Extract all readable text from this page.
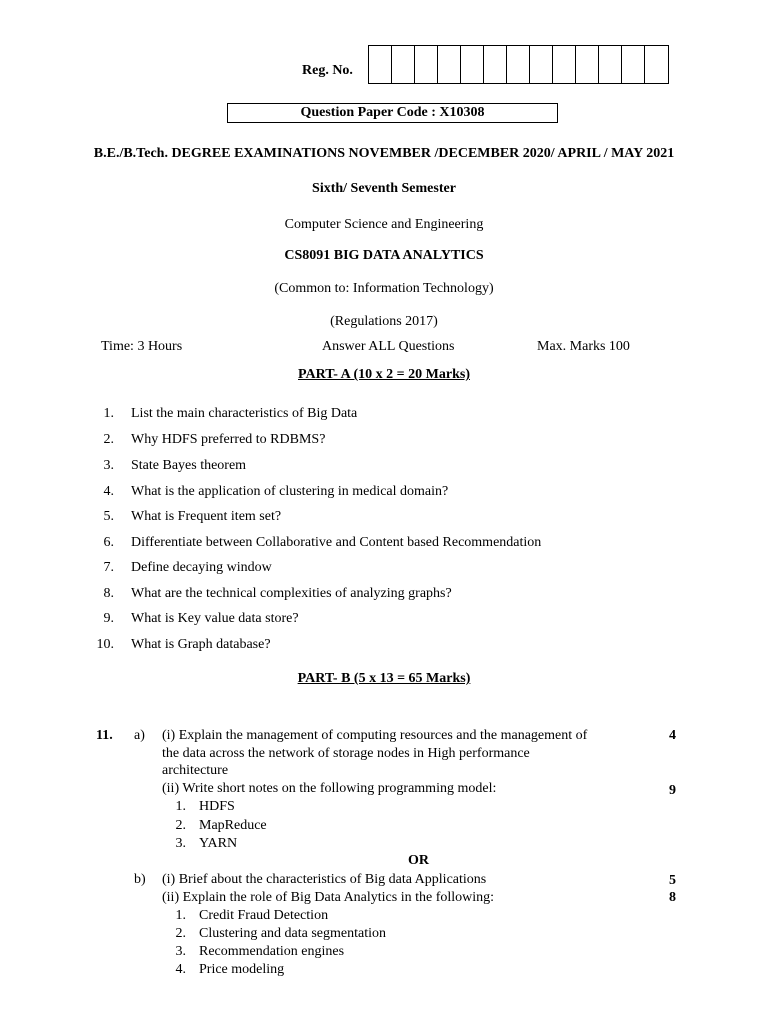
Reg. No.
Question Paper Code : X10308
B.E./B.Tech. DEGREE EXAMINATIONS NOVEMBER /DECEMBER 2020/ APRIL / MAY 2021
Sixth/ Seventh Semester
Computer Science and Engineering
CS8091 BIG DATA ANALYTICS
(Common to: Information Technology)
(Regulations 2017)
Time: 3 Hours	Answer ALL Questions	Max. Marks 100
PART- A (10 x 2 = 20 Marks)
1. List the main characteristics of Big Data
2. Why HDFS preferred to RDBMS?
3. State Bayes theorem
4. What is the application of clustering in medical domain?
5. What is Frequent item set?
6. Differentiate between Collaborative and Content based Recommendation
7. Define decaying window
8. What are the technical complexities of analyzing graphs?
9. What is Key value data store?
10. What is Graph database?
PART- B (5 x 13 = 65 Marks)
11. a) (i) Explain the management of computing resources and the management of	4
the data across the network of storage nodes in High performance
architecture
(ii) Write short notes on the following programming model:	9
1. HDFS
2. MapReduce
3. YARN
OR
b) (i) Brief about the characteristics of Big data Applications	5
(ii) Explain the role of Big Data Analytics in the following:	8
1. Credit Fraud Detection
2. Clustering and data segmentation
3. Recommendation engines
4. Price modeling
